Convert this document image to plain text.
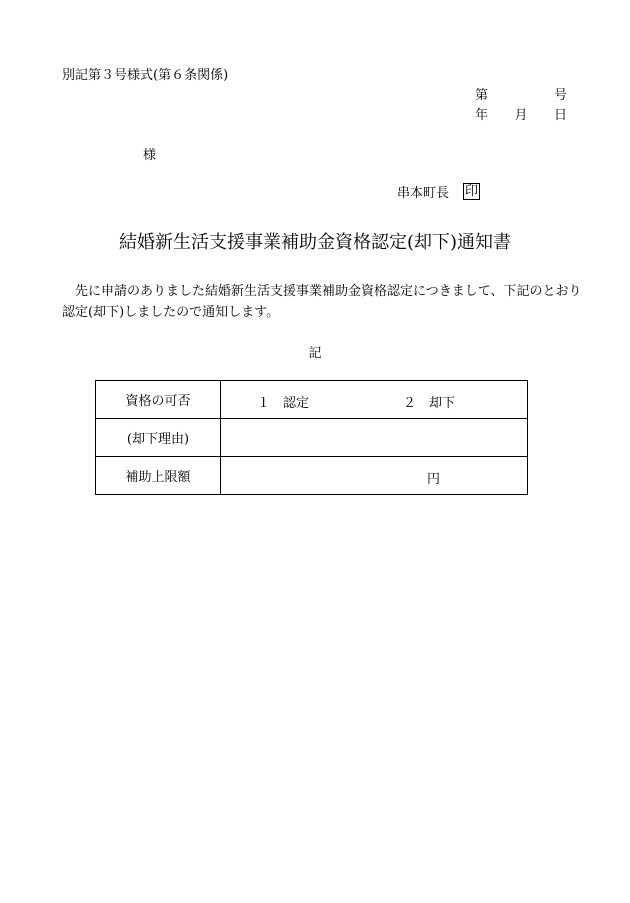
別記第３号様式(第６条関係)
第	号
年 月 日
様
串本町長 印
結婚新生活支援事業補助金資格認定(却下)通知書
先に申請のありました結婚新生活支援事業補助金資格認定につきまして、下記のとおり認定(却下)しましたので通知します。
記
資格の可否	１　認定 ２　却下

(却下理由)	
補助上限額	円
